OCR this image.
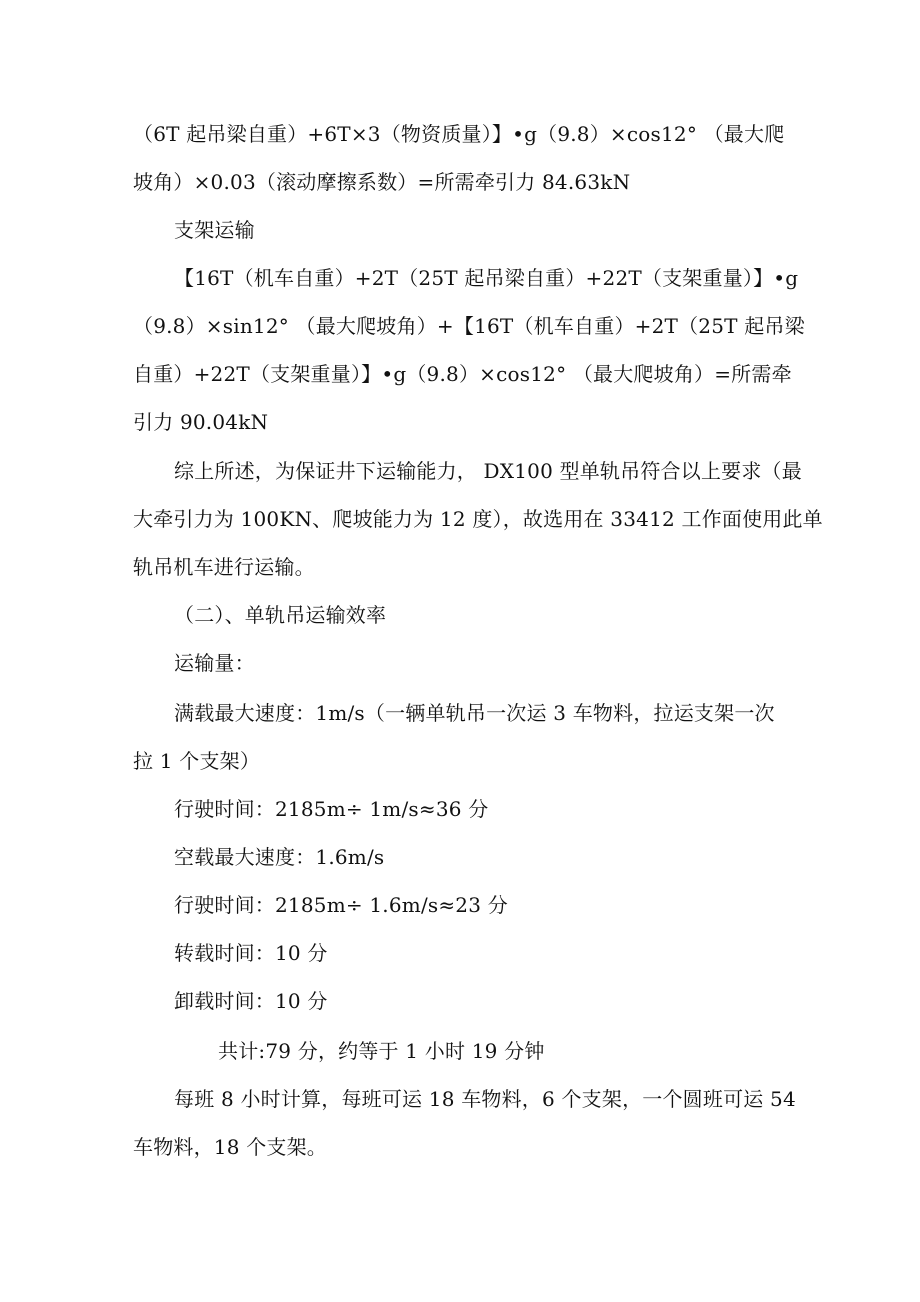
（6T 起吊梁自重）+6T×3（物资质量）】•g（9.8）×cos12° （最大爬
坡角）×0.03（滚动摩擦系数）=所需牵引力 84.63kN
支架运输
【16T（机车自重）+2T（25T 起吊梁自重）+22T（支架重量）】•g
（9.8）×sin12° （最大爬坡角）+【16T（机车自重）+2T（25T 起吊梁
自重）+22T（支架重量）】•g（9.8）×cos12° （最大爬坡角）=所需牵
引力 90.04kN
综上所述，为保证井下运输能力， DX100 型单轨吊符合以上要求（最
大牵引力为 100KN、爬坡能力为 12 度），故选用在 33412 工作面使用此单
轨吊机车进行运输。
（二）、单轨吊运输效率
运输量：
满载最大速度：1m/s（一辆单轨吊一次运 3 车物料，拉运支架一次
拉 1 个支架）
行驶时间：2185m÷ 1m/s≈36 分
空载最大速度：1.6m/s
行驶时间：2185m÷ 1.6m/s≈23 分
转载时间：10 分
卸载时间：10 分
共计:79 分，约等于 1 小时 19 分钟
每班 8 小时计算，每班可运 18 车物料，6 个支架，一个圆班可运 54
车物料，18 个支架。
